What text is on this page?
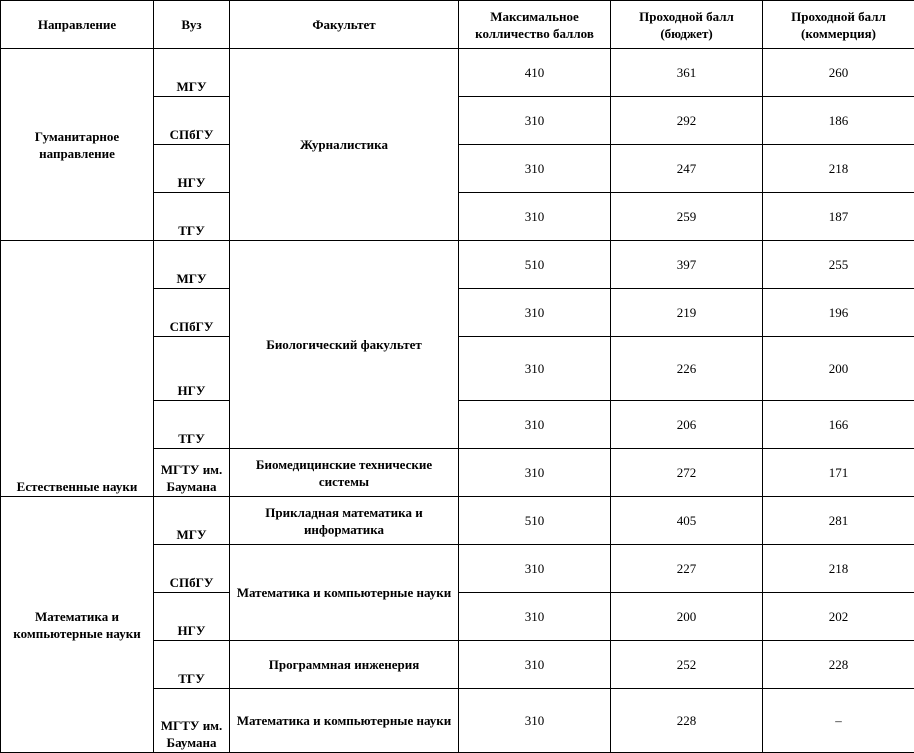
Направление	Вуз	Факультет	Максимальное колличество баллов	Проходной балл (бюджет)	Проходной балл (коммерция)
Гуманитарное направление	МГУ	Журналистика	410	361	260
	СПбГУ		310	292	186
	НГУ		310	247	218
	ТГУ		310	259	187
Естественные науки	МГУ	Биологический факультет	510	397	255
	СПбГУ		310	219	196
	НГУ		310	226	200
	ТГУ		310	206	166
	МГТУ им. Баумана	Биомедицинские технические системы	310	272	171
Математика и компьютерные науки	МГУ	Прикладная математика и информатика	510	405	281
	СПбГУ	Математика и компьютерные науки	310	227	218
	НГУ		310	200	202
	ТГУ	Программная инженерия	310	252	228
	МГТУ им. Баумана	Математика и компьютерные науки	310	228	–
